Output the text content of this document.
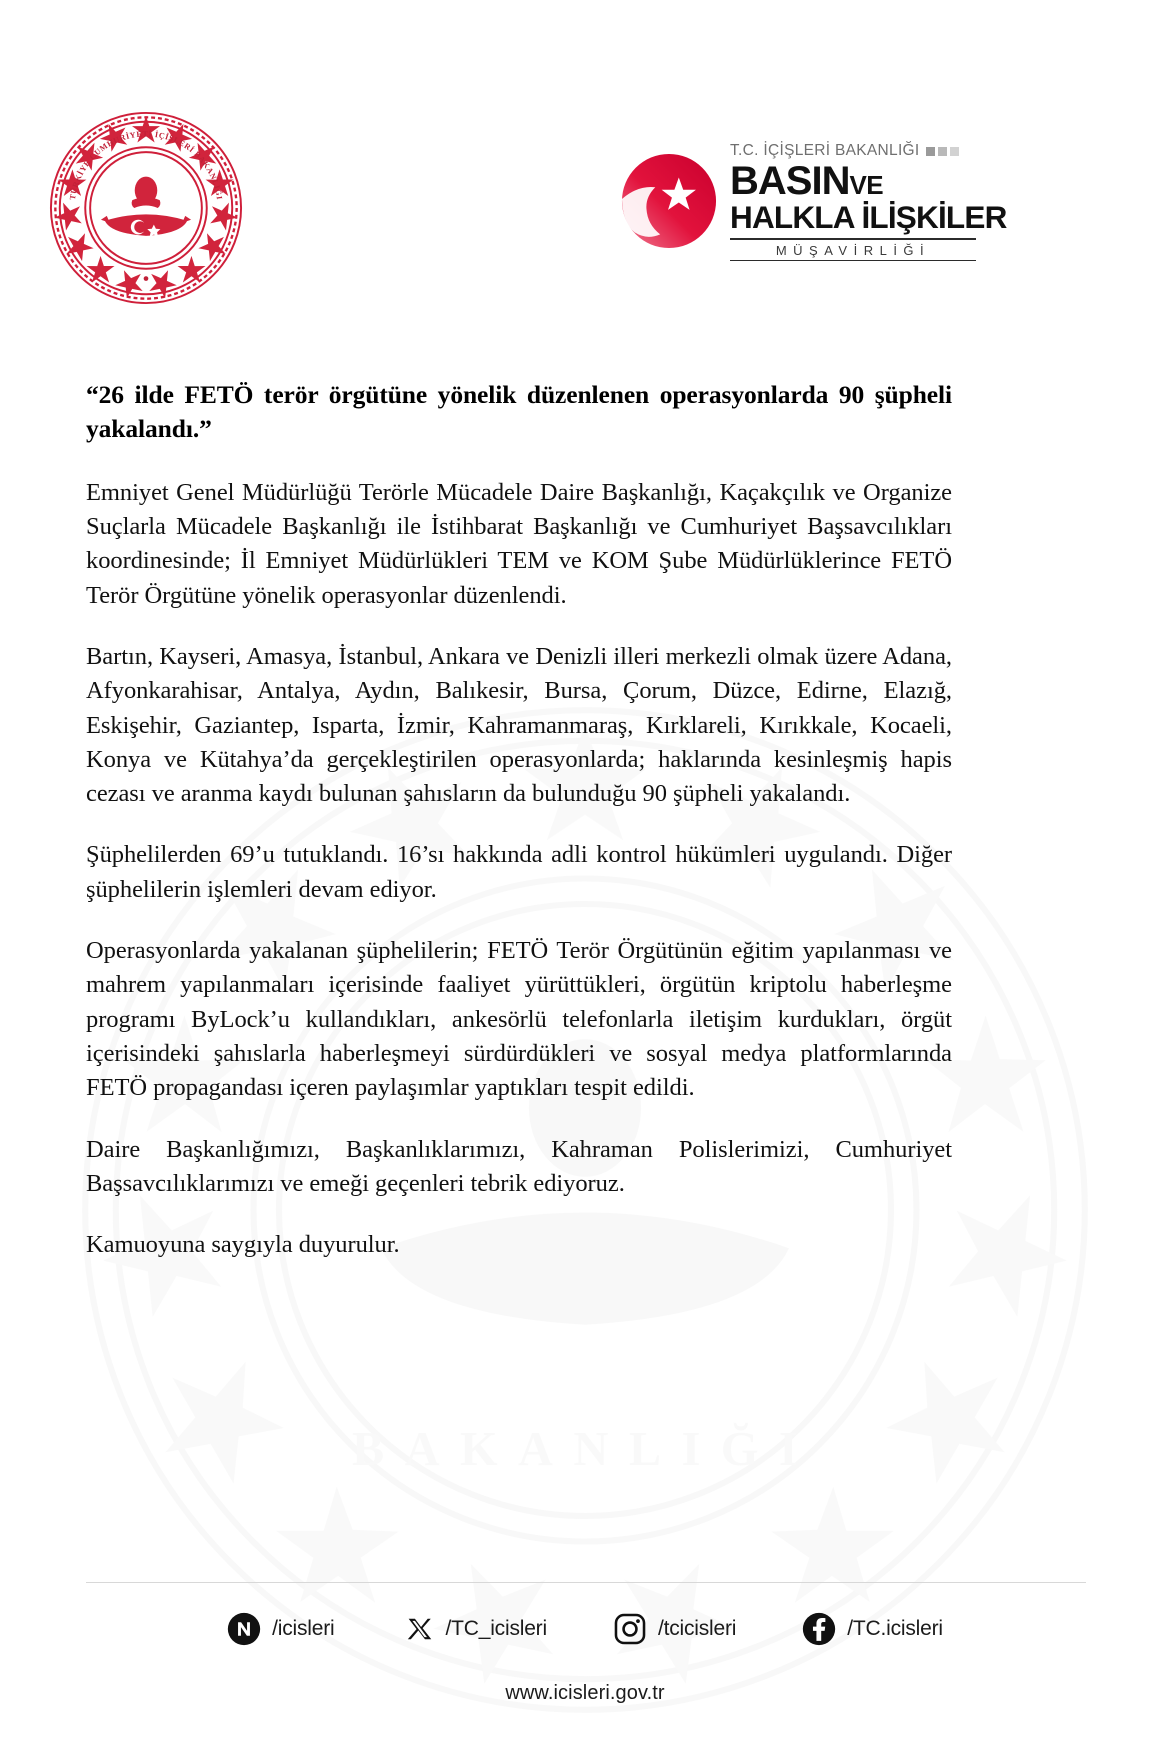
BAKANLIĞI
TÜRKİYE CUMHURİYETİ İÇİŞLERİ BAKANLIĞI
T.C. İÇİŞLERİ BAKANLIĞI
BASINVE
HALKLA İLİŞKİLER
MÜŞAVİRLİĞİ
“26 ilde FETÖ terör örgütüne yönelik düzenlenen operasyonlarda 90 şüpheli yakalandı.”

Emniyet Genel Müdürlüğü Terörle Mücadele Daire Başkanlığı, Kaçakçılık ve Organize Suçlarla Mücadele Başkanlığı ile İstihbarat Başkanlığı ve Cumhuriyet Başsavcılıkları koordinesinde; İl Emniyet Müdürlükleri TEM ve KOM Şube Müdürlüklerince FETÖ Terör Örgütüne yönelik operasyonlar düzenlendi.

Bartın, Kayseri, Amasya, İstanbul, Ankara ve Denizli illeri merkezli olmak üzere Adana, Afyonkarahisar, Antalya, Aydın, Balıkesir, Bursa, Çorum, Düzce, Edirne, Elazığ, Eskişehir, Gaziantep, Isparta, İzmir, Kahramanmaraş, Kırklareli, Kırıkkale, Kocaeli, Konya ve Kütahya’da gerçekleştirilen operasyonlarda; haklarında kesinleşmiş hapis cezası ve aranma kaydı bulunan şahısların da bulunduğu 90 şüpheli yakalandı.

Şüphelilerden 69’u tutuklandı. 16’sı hakkında adli kontrol hükümleri uygulandı. Diğer şüphelilerin işlemleri devam ediyor.

Operasyonlarda yakalanan şüphelilerin; FETÖ Terör Örgütünün eğitim yapılanması ve mahrem yapılanmaları içerisinde faaliyet yürüttükleri, örgütün kriptolu haberleşme programı ByLock’u kullandıkları, ankesörlü telefonlarla iletişim kurdukları, örgüt içerisindeki şahıslarla haberleşmeyi sürdürdükleri ve sosyal medya platformlarında FETÖ propagandası içeren paylaşımlar yaptıkları tespit edildi.

Daire Başkanlığımızı, Başkanlıklarımızı, Kahraman Polislerimizi, Cumhuriyet Başsavcılıklarımızı ve emeği geçenleri tebrik ediyoruz.

Kamuoyuna saygıyla duyurulur.

/icisleri	/TC_icisleri	/tcicisleri	/TC.icisleri
www.icisleri.gov.tr
